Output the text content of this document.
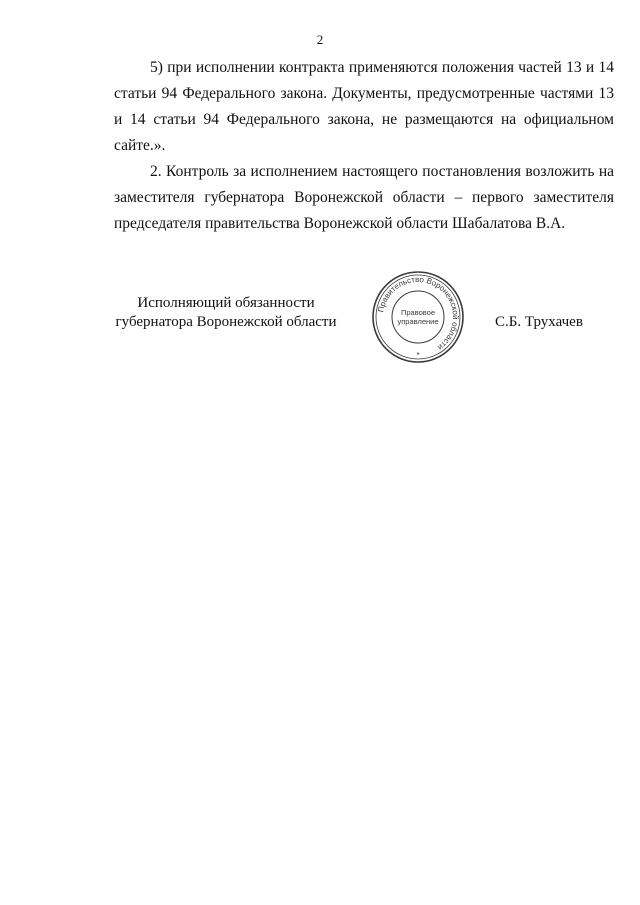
2

5) при исполнении контракта применяются положения частей 13 и 14 статьи 94 Федерального закона. Документы, предусмотренные частями 13 и 14 статьи 94 Федерального закона, не размещаются на официальном сайте.».

2. Контроль за исполнением настоящего постановления возложить на заместителя губернатора Воронежской области – первого заместителя председателя правительства Воронежской области Шабалатова В.А.

Исполняющий обязанности
губернатора Воронежской области
Правительство Воронежской области
Правовое
управление
*
С.Б. Трухачев
